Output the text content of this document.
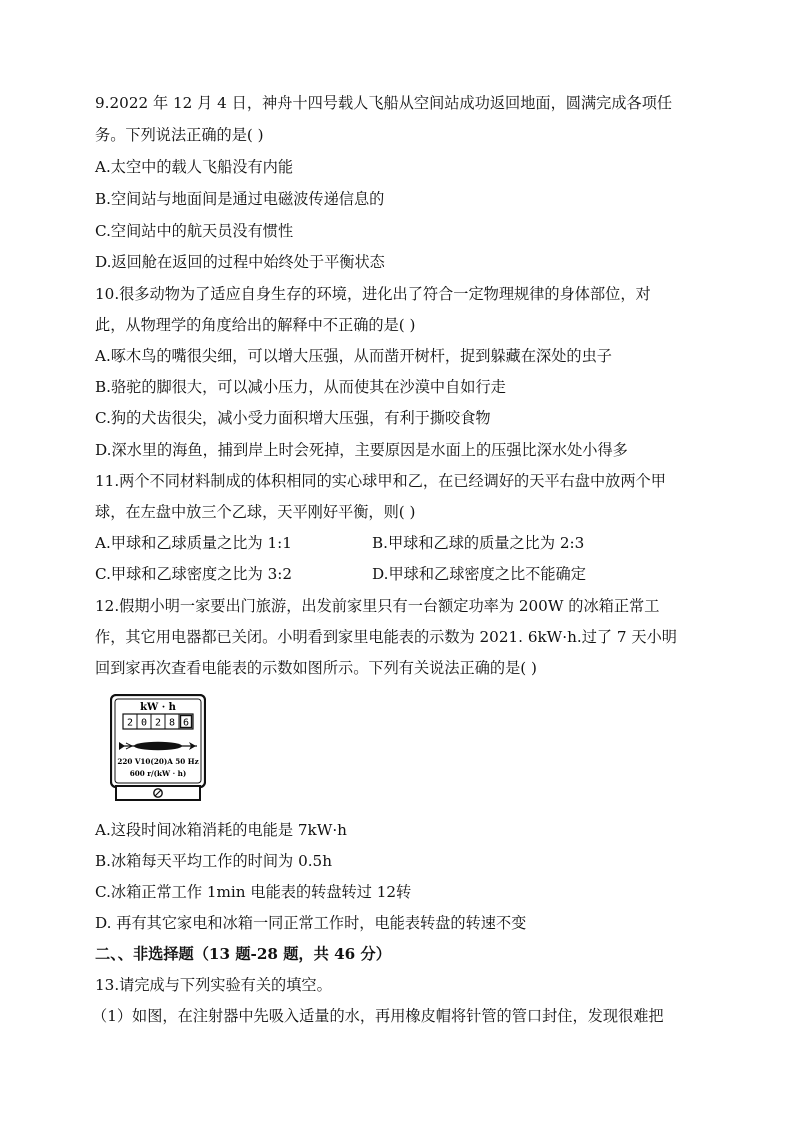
9.2022 年 12 月 4 日，神舟十四号载人飞船从空间站成功返回地面，圆满完成各项任
务。下列说法正确的是( )
A.太空中的载人飞船没有内能
B.空间站与地面间是通过电磁波传递信息的
C.空间站中的航天员没有惯性
D.返回舱在返回的过程中始终处于平衡状态
10.很多动物为了适应自身生存的环境，进化出了符合一定物理规律的身体部位，对
此，从物理学的角度给出的解释中不正确的是( )
A.啄木鸟的嘴很尖细，可以增大压强，从而凿开树杆，捉到躲藏在深处的虫子
B.骆驼的脚很大，可以减小压力，从而使其在沙漠中自如行走
C.狗的犬齿很尖，减小受力面积增大压强，有利于撕咬食物
D.深水里的海鱼，捕到岸上时会死掉，主要原因是水面上的压强比深水处小得多
11.两个不同材料制成的体积相同的实心球甲和乙，在已经调好的天平右盘中放两个甲
球，在左盘中放三个乙球，天平刚好平衡，则( )
A.甲球和乙球质量之比为 1:1	B.甲球和乙球的质量之比为 2:3
C.甲球和乙球密度之比为 3:2	D.甲球和乙球密度之比不能确定
12.假期小明一家要出门旅游，出发前家里只有一台额定功率为 200W 的冰箱正常工
作，其它用电器都已关闭。小明看到家里电能表的示数为 2021. 6kW·h.过了 7 天小明
回到家再次查看电能表的示数如图所示。下列有关说法正确的是( )
kW · h
2 0 2 8 6
220 V10(20)A 50 Hz
600 r/(kW · h)
A.这段时间冰箱消耗的电能是 7kW·h
B.冰箱每天平均工作的时间为 0.5h
C.冰箱正常工作 1min 电能表的转盘转过 12转
D. 再有其它家电和冰箱一同正常工作时，电能表转盘的转速不变
二、、非选择题（13 题-28 题，共 46 分）
13.请完成与下列实验有关的填空。
（1）如图，在注射器中先吸入适量的水，再用橡皮帽将针管的管口封住，发现很难把
